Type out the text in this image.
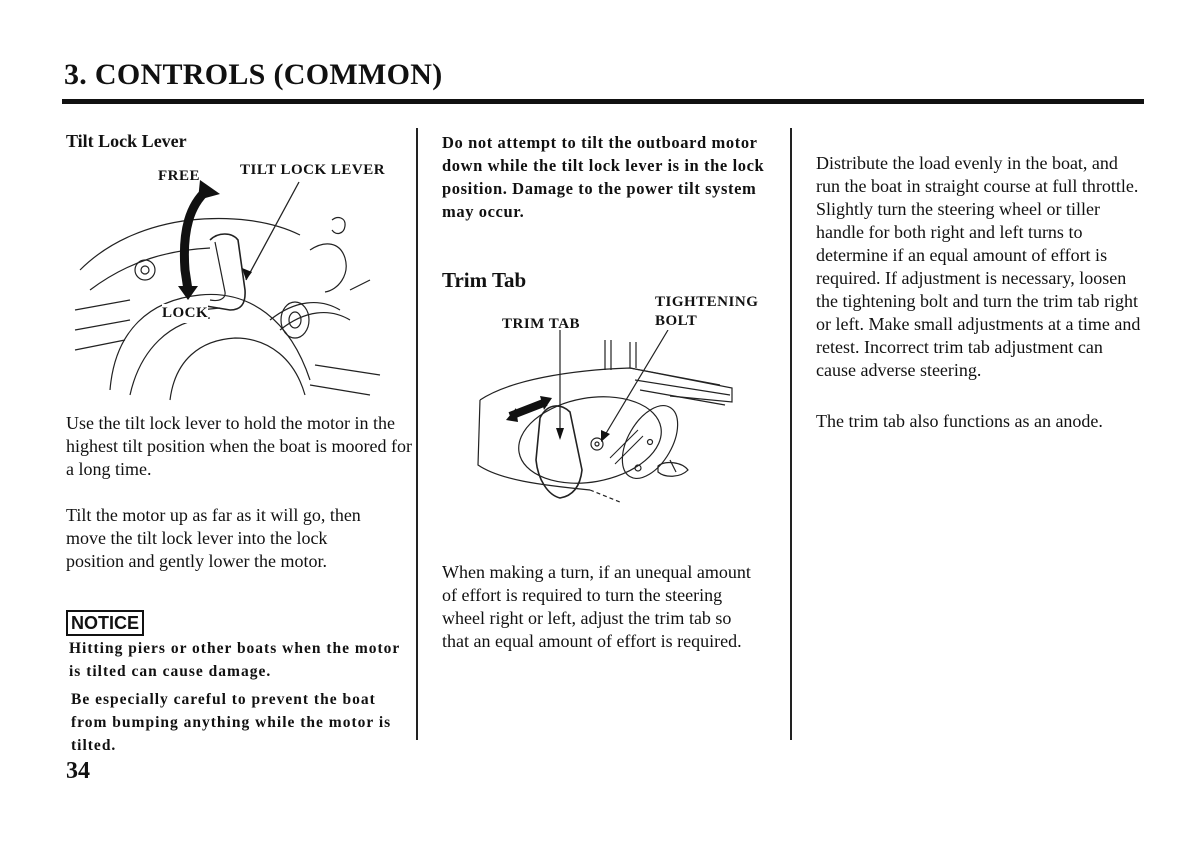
3. CONTROLS (COMMON)
Tilt Lock Lever
FREE	TILT LOCK LEVER
LOCK

Use the tilt lock lever to hold the motor in the highest tilt position when the boat is moored for a long time.

Tilt the motor up as far as it will go, then move the tilt lock lever into the lock position and gently lower the motor.

NOTICE

Hitting piers or other boats when the motor is tilted can cause damage.

Be especially careful to prevent the boat from bumping anything while the motor is tilted.

34

Do not attempt to tilt the outboard motor down while the tilt lock lever is in the lock position. Damage to the power tilt system may occur.

Trim Tab
TIGHTENING
BOLT
TRIM TAB

When making a turn, if an unequal amount of effort is required to turn the steering wheel right or left, adjust the trim tab so that an equal amount of effort is required.

Distribute the load evenly in the boat, and run the boat in straight course at full throttle. Slightly turn the steering wheel or tiller handle for both right and left turns to determine if an equal amount of effort is required. If adjustment is necessary, loosen the tightening bolt and turn the trim tab right or left. Make small adjustments at a time and retest. Incorrect trim tab adjustment can cause adverse steering.

The trim tab also functions as an anode.
